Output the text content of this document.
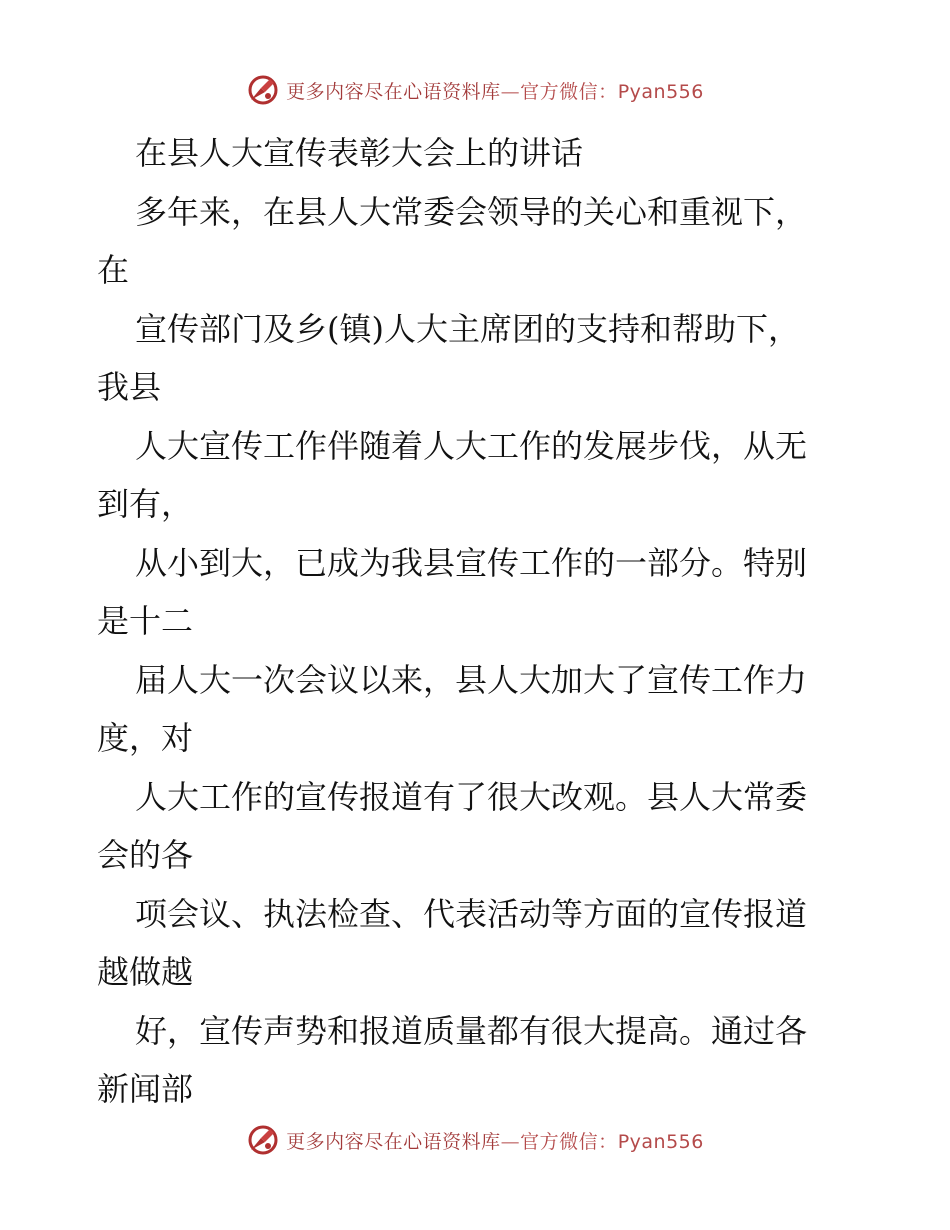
更多内容尽在心语资料库—官方微信：Pyan556
在县人大宣传表彰大会上的讲话
多年来，在县人大常委会领导的关心和重视下，
在
宣传部门及乡(镇)人大主席团的支持和帮助下，
我县
人大宣传工作伴随着人大工作的发展步伐，从无
到有，
从小到大，已成为我县宣传工作的一部分。特别
是十二
届人大一次会议以来，县人大加大了宣传工作力
度，对
人大工作的宣传报道有了很大改观。县人大常委
会的各
项会议、执法检查、代表活动等方面的宣传报道
越做越
好，宣传声势和报道质量都有很大提高。通过各
新闻部
更多内容尽在心语资料库—官方微信：Pyan556
